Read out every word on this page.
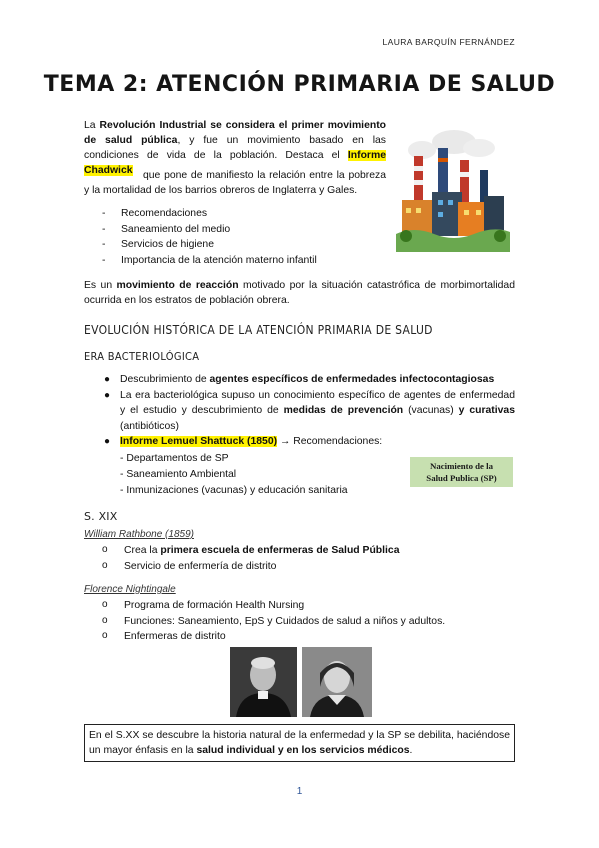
LAURA BARQUÍN FERNÁNDEZ
TEMA 2: ATENCIÓN PRIMARIA DE SALUD
La Revolución Industrial se considera el primer movimiento de salud pública, y fue un movimiento basado en las condiciones de vida de la población. Destaca el Informe Chadwick	que pone de manifiesto la relación entre la pobreza y la mortalidad de los barrios obreros de Inglaterra y Gales.
- Recomendaciones
- Saneamiento del medio
- Servicios de higiene
- Importancia de la atención materno infantil
Es un movimiento de reacción motivado por la situación catastrófica de morbimortalidad ocurrida en los estratos de población obrera.
EVOLUCIÓN HISTÓRICA DE LA ATENCIÓN PRIMARIA DE SALUD
ERA BACTERIOLÓGICA
● Descubrimiento de agentes específicos de enfermedades infectocontagiosas
● La era bacteriológica supuso un conocimiento específico de agentes de enfermedad y el estudio y descubrimiento de medidas de prevención (vacunas) y curativas (antibióticos)
● Informe Lemuel Shattuck (1850) → Recomendaciones:
- Departamentos de SP
- Saneamiento Ambiental
- Inmunizaciones (vacunas) y educación sanitaria
Nacimiento de la
Salud Publica (SP)
S. XIX
William Rathbone (1859)
o Crea la primera escuela de enfermeras de Salud Pública
o Servicio de enfermería de distrito
Florence Nightingale
o Programa de formación Health Nursing
o Funciones: Saneamiento, EpS y Cuidados de salud a niños y adultos.
o Enfermeras de distrito
En el S.XX se descubre la historia natural de la enfermedad y la SP se debilita, haciéndose un mayor énfasis en la salud individual y en los servicios médicos.
1
